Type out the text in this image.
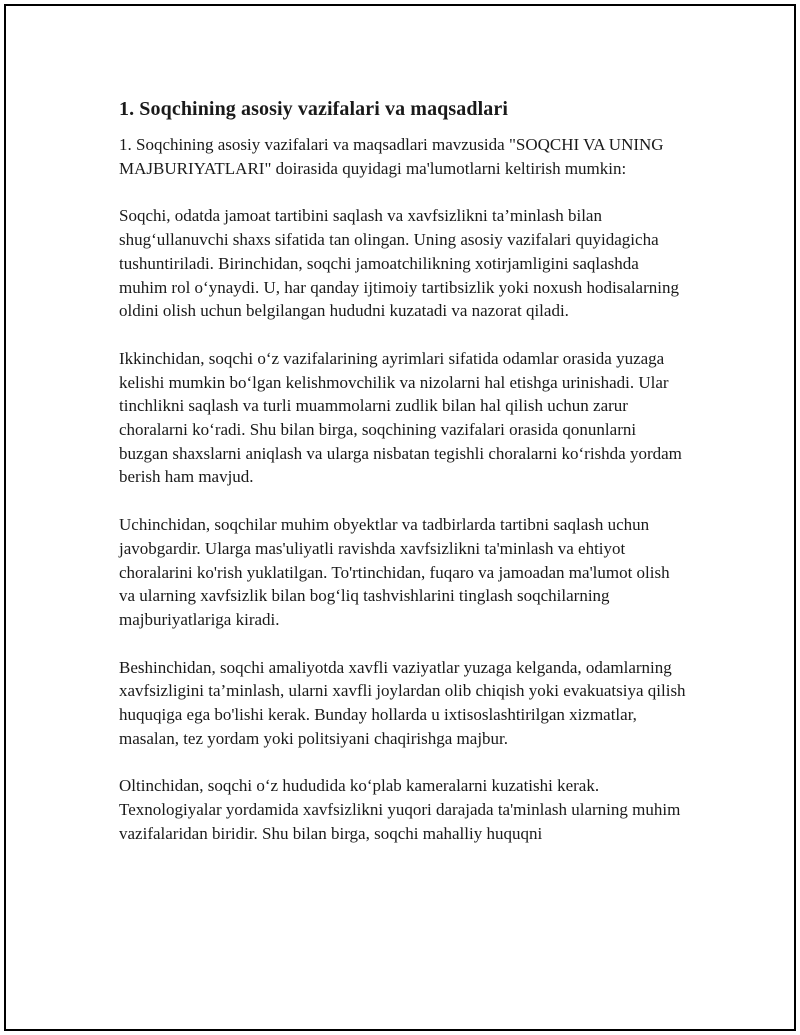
1. Soqchining asosiy vazifalari va maqsadlari

1. Soqchining asosiy vazifalari va maqsadlari mavzusida "SOQCHI VA UNING MAJBURIYATLARI" doirasida quyidagi ma'lumotlarni keltirish mumkin:

Soqchi, odatda jamoat tartibini saqlash va xavfsizlikni ta’minlash bilan shug‘ullanuvchi shaxs sifatida tan olingan. Uning asosiy vazifalari quyidagicha tushuntiriladi. Birinchidan, soqchi jamoatchilikning xotirjamligini saqlashda muhim rol o‘ynaydi. U, har qanday ijtimoiy tartibsizlik yoki noxush hodisalarning oldini olish uchun belgilangan hududni kuzatadi va nazorat qiladi.

Ikkinchidan, soqchi o‘z vazifalarining ayrimlari sifatida odamlar orasida yuzaga kelishi mumkin bo‘lgan kelishmovchilik va nizolarni hal etishga urinishadi. Ular tinchlikni saqlash va turli muammolarni zudlik bilan hal qilish uchun zarur choralarni ko‘radi. Shu bilan birga, soqchining vazifalari orasida qonunlarni buzgan shaxslarni aniqlash va ularga nisbatan tegishli choralarni ko‘rishda yordam berish ham mavjud.

Uchinchidan, soqchilar muhim obyektlar va tadbirlarda tartibni saqlash uchun javobgardir. Ularga mas'uliyatli ravishda xavfsizlikni ta'minlash va ehtiyot choralarini ko'rish yuklatilgan. To'rtinchidan, fuqaro va jamoadan ma'lumot olish va ularning xavfsizlik bilan bog‘liq tashvishlarini tinglash soqchilarning majburiyatlariga kiradi.

Beshinchidan, soqchi amaliyotda xavfli vaziyatlar yuzaga kelganda, odamlarning xavfsizligini ta’minlash, ularni xavfli joylardan olib chiqish yoki evakuatsiya qilish huquqiga ega bo'lishi kerak. Bunday hollarda u ixtisoslashtirilgan xizmatlar, masalan, tez yordam yoki politsiyani chaqirishga majbur.

Oltinchidan, soqchi o‘z hududida ko‘plab kameralarni kuzatishi kerak. Texnologiyalar yordamida xavfsizlikni yuqori darajada ta'minlash ularning muhim vazifalaridan biridir. Shu bilan birga, soqchi mahalliy huquqni
